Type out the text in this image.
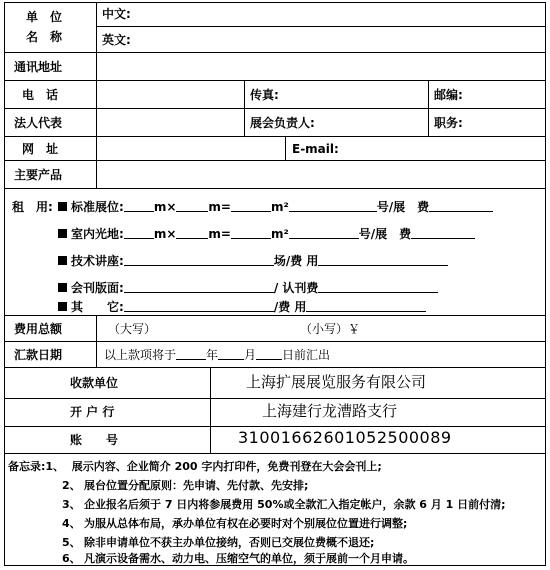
单　位
名　称
中文:
英文:
通讯地址
电　话	传真:	邮编:
法人代表	展会负责人:	职务:
网　址	E-mail:
主要产品
租　用:	标准展位:	m×	m=	m²	号/展　费
室内光地:	m×	m=	m²	号/展　费
技术讲座:	场/费 用
会刊版面:	/ 认刊费
其　　它:	/费 用
费用总额	（大写）	（小写）￥
汇款日期	以上款项将于	年 月 日前汇出
收款单位	上海扩展展览服务有限公司
开 户 行	上海建行龙漕路支行
账　　号	31001662601052500089
备忘录:1、 展示内容、企业简介 200 字内打印件，免费刊登在大会会刊上;
2、 展台位置分配原则：先申请、先付款、先安排;
3、 企业报名后须于 7 日内将参展费用 50%或全款汇入指定帐户，余款 6 月 1 日前付清;
4、 为服从总体布局，承办单位有权在必要时对个别展位位置进行调整;
5、 除非申请单位不获主办单位接纳，否则已交展位费概不退还;
6、 凡演示设备需水、动力电、压缩空气的单位，须于展前一个月申请。
